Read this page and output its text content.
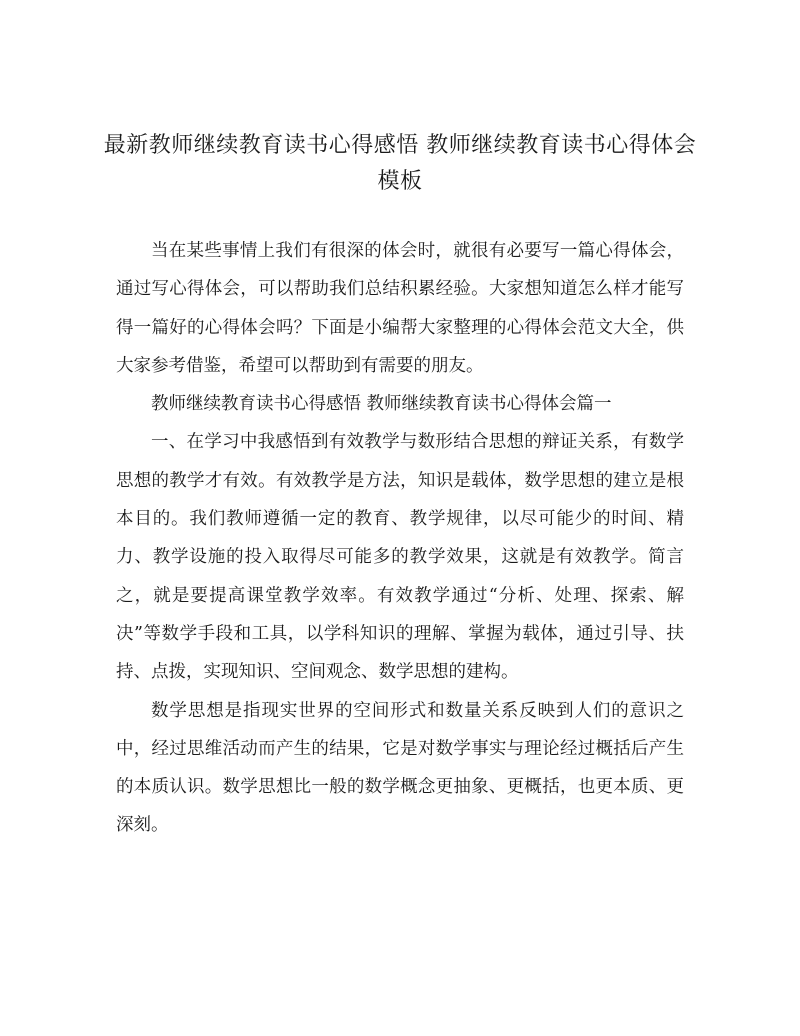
最新教师继续教育读书心得感悟 教师继续教育读书心得体会
模板

当在某些事情上我们有很深的体会时，就很有必要写一篇心得体会，通过写心得体会，可以帮助我们总结积累经验。大家想知道怎么样才能写得一篇好的心得体会吗？下面是小编帮大家整理的心得体会范文大全，供大家参考借鉴，希望可以帮助到有需要的朋友。

教师继续教育读书心得感悟 教师继续教育读书心得体会篇一

一、在学习中我感悟到有效教学与数形结合思想的辩证关系，有数学思想的教学才有效。有效教学是方法，知识是载体，数学思想的建立是根本目的。我们教师遵循一定的教育、教学规律，以尽可能少的时间、精力、教学设施的投入取得尽可能多的教学效果，这就是有效教学。简言之，就是要提高课堂教学效率。有效教学通过“分析、处理、探索、解决”等数学手段和工具，以学科知识的理解、掌握为载体，通过引导、扶持、点拨，实现知识、空间观念、数学思想的建构。

数学思想是指现实世界的空间形式和数量关系反映到人们的意识之中，经过思维活动而产生的结果，它是对数学事实与理论经过概括后产生的本质认识。数学思想比一般的数学概念更抽象、更概括，也更本质、更深刻。
